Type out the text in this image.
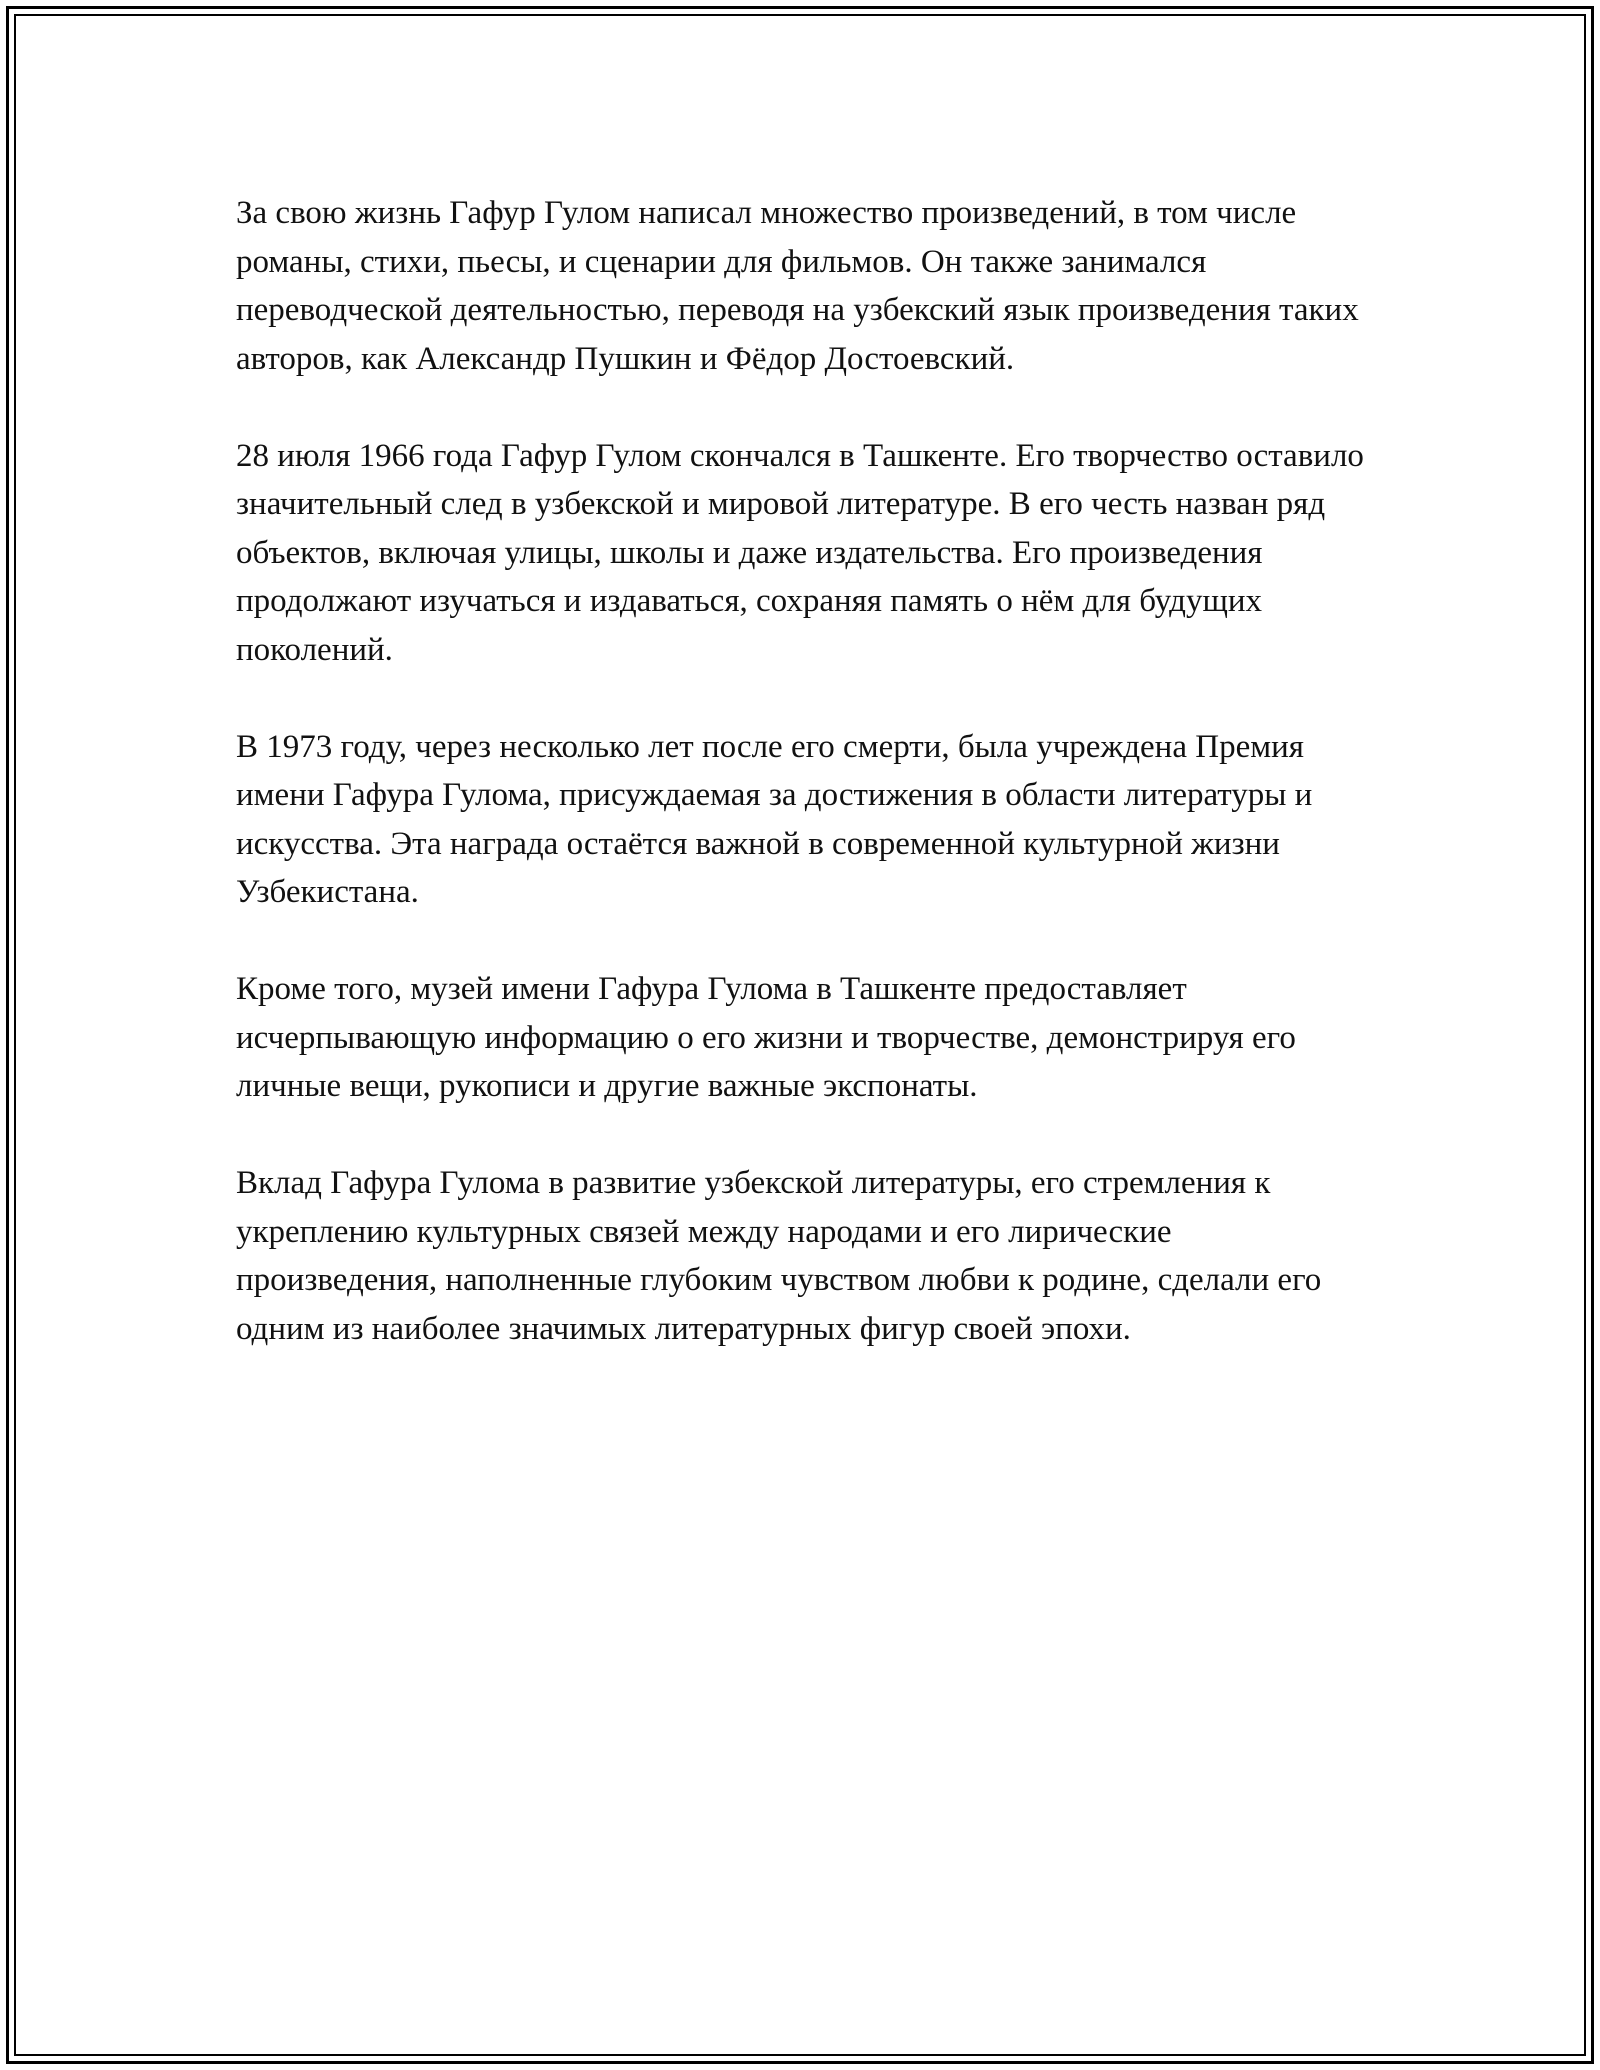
За свою жизнь Гафур Гулом написал множество произведений, в том числе романы, стихи, пьесы, и сценарии для фильмов. Он также занимался переводческой деятельностью, переводя на узбекский язык произведения таких авторов, как Александр Пушкин и Фёдор Достоевский.

28 июля 1966 года Гафур Гулом скончался в Ташкенте. Его творчество оставило значительный след в узбекской и мировой литературе. В его честь назван ряд объектов, включая улицы, школы и даже издательства. Его произведения продолжают изучаться и издаваться, сохраняя память о нём для будущих поколений.

В 1973 году, через несколько лет после его смерти, была учреждена Премия имени Гафура Гулома, присуждаемая за достижения в области литературы и искусства. Эта награда остаётся важной в современной культурной жизни Узбекистана.

Кроме того, музей имени Гафура Гулома в Ташкенте предоставляет исчерпывающую информацию о его жизни и творчестве, демонстрируя его личные вещи, рукописи и другие важные экспонаты.

Вклад Гафура Гулома в развитие узбекской литературы, его стремления к укреплению культурных связей между народами и его лирические произведения, наполненные глубоким чувством любви к родине, сделали его одним из наиболее значимых литературных фигур своей эпохи.
